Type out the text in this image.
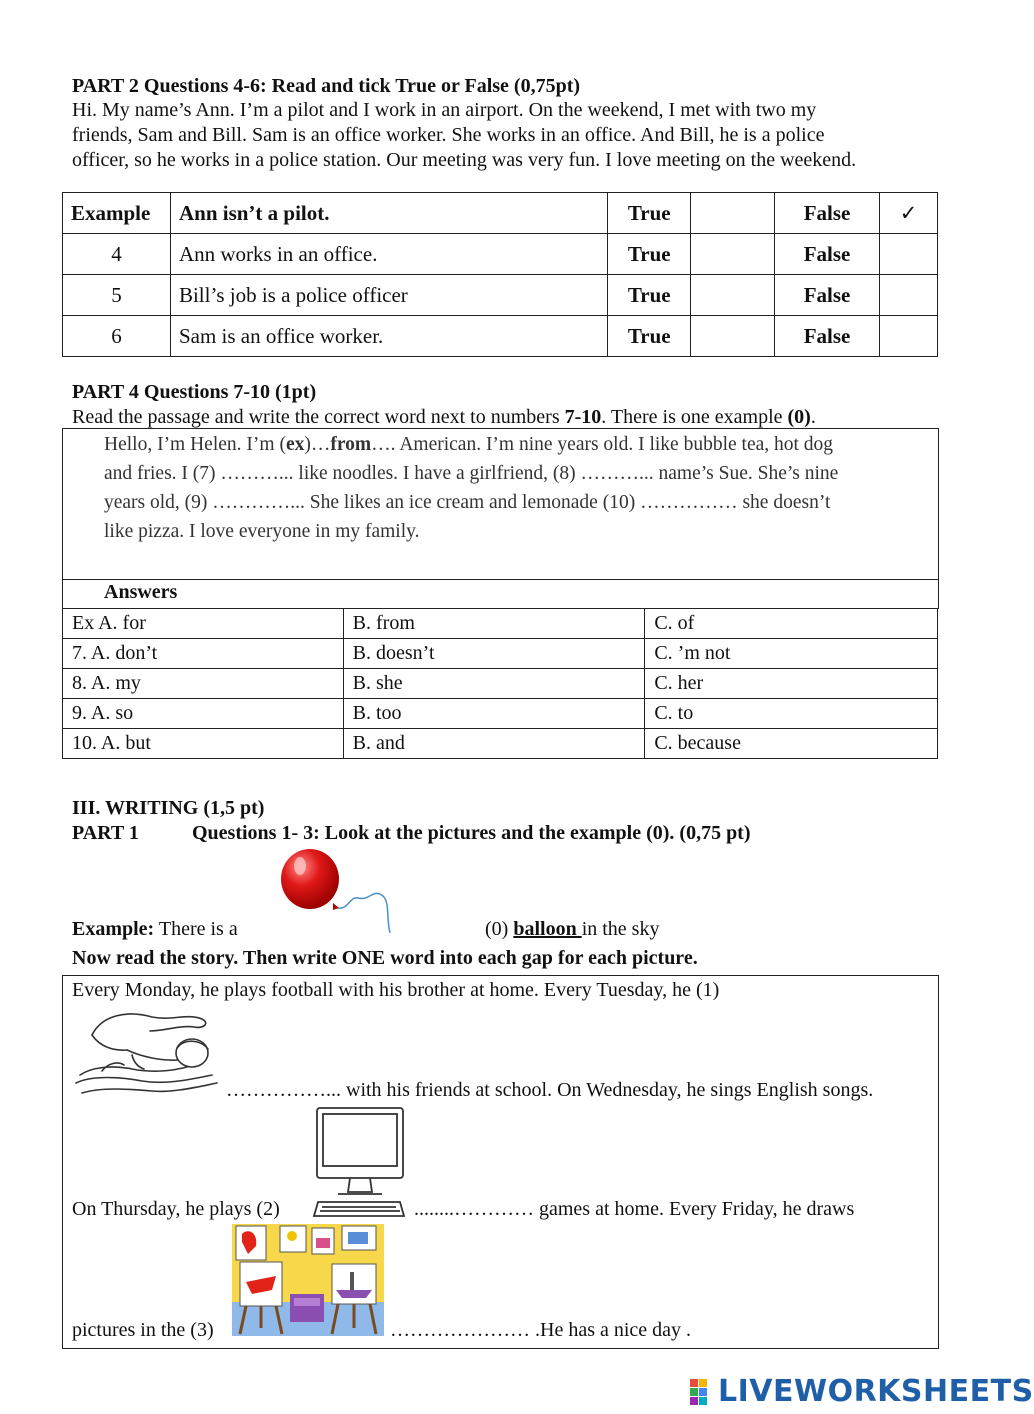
PART 2 Questions 4-6: Read and tick True or False (0,75pt)
Hi. My name’s Ann. I’m a pilot and I work in an airport. On the weekend, I met with two my
friends, Sam and Bill. Sam is an office worker. She works in an office. And Bill, he is a police
officer, so he works in a police station. Our meeting was very fun. I love meeting on the weekend.
Example	Ann isn’t a pilot.	True		False	✓
4	Ann works in an office.	True		False	
5	Bill’s job is a police officer	True		False	
6	Sam is an office worker.	True		False	
PART 4 Questions 7-10 (1pt)
Read the passage and write the correct word next to numbers 7-10. There is one example (0).
Hello, I’m Helen. I’m (ex)…from…. American. I’m nine years old. I like bubble tea, hot dog
and fries. I (7) ………... like noodles. I have a girlfriend, (8) ………... name’s Sue. She’s nine
years old, (9) …………... She likes an ice cream and lemonade (10) …………… she doesn’t
like pizza. I love everyone in my family.
Answers
Ex A. for	B. from	C. of
7. A. don’t	B. doesn’t	C. ’m not
8. A. my	B. she	C. her
9. A. so	B. too	C. to
10. A. but	B. and	C. because
III. WRITING (1,5 pt)
PART 1	Questions 1- 3: Look at the pictures and the example (0). (0,75 pt)
Example: There is a	(0) balloon in the sky
Now read the story. Then write ONE word into each gap for each picture.
Every Monday, he plays football with his brother at home. Every Tuesday, he (1)
……………... with his friends at school. On Wednesday, he sings English songs.
On Thursday, he plays (2)	........………… games at home. Every Friday, he draws
pictures in the (3)	………………… .He has a nice day .
LIVEWORKSHEETS
